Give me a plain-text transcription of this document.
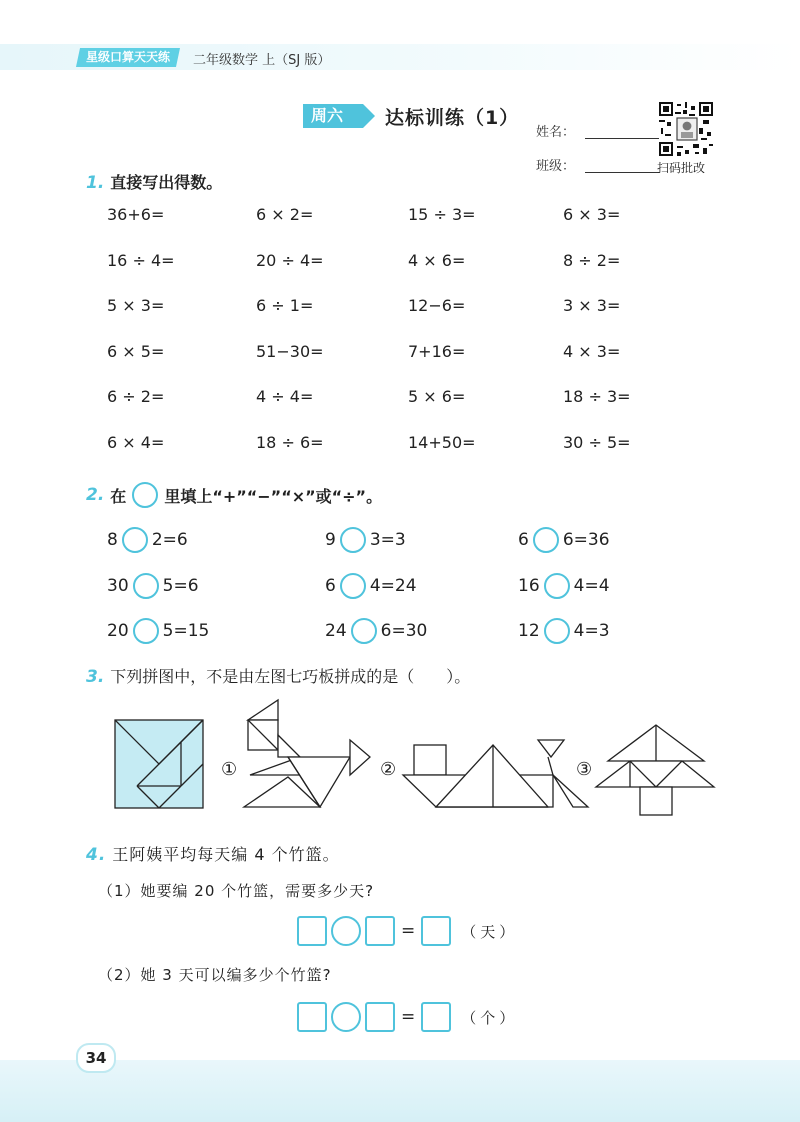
星级口算天天练	二年级数学 上（SJ 版）
周六	达标训练（1）
姓名：
班级：	扫码批改
1. 直接写出得数。
36+6=	6 × 2=	15 ÷ 3=	6 × 3=
16 ÷ 4=	20 ÷ 4=	4 × 6=	8 ÷ 2=
5 × 3=	6 ÷ 1=	12−6=	3 × 3=
6 × 5=	51−30=	7+16=	4 × 3=
6 ÷ 2=	4 ÷ 4=	5 × 6=	18 ÷ 3=
6 × 4=	18 ÷ 6=	14+50=	30 ÷ 5=
2. 在 里填上“+”“−”“×”或“÷”。
8 2=6	9 3=3	6 6=36
30 5=6	6 4=24	16 4=4
20 5=15	24 6=30	12 4=3
3. 下列拼图中，不是由左图七巧板拼成的是（　　）。
①	②	③
4. 王阿姨平均每天编 4 个竹篮。
（1）她要编 20 个竹篮，需要多少天?
=	（天）
（2）她 3 天可以编多少个竹篮?
=	（个）
34
